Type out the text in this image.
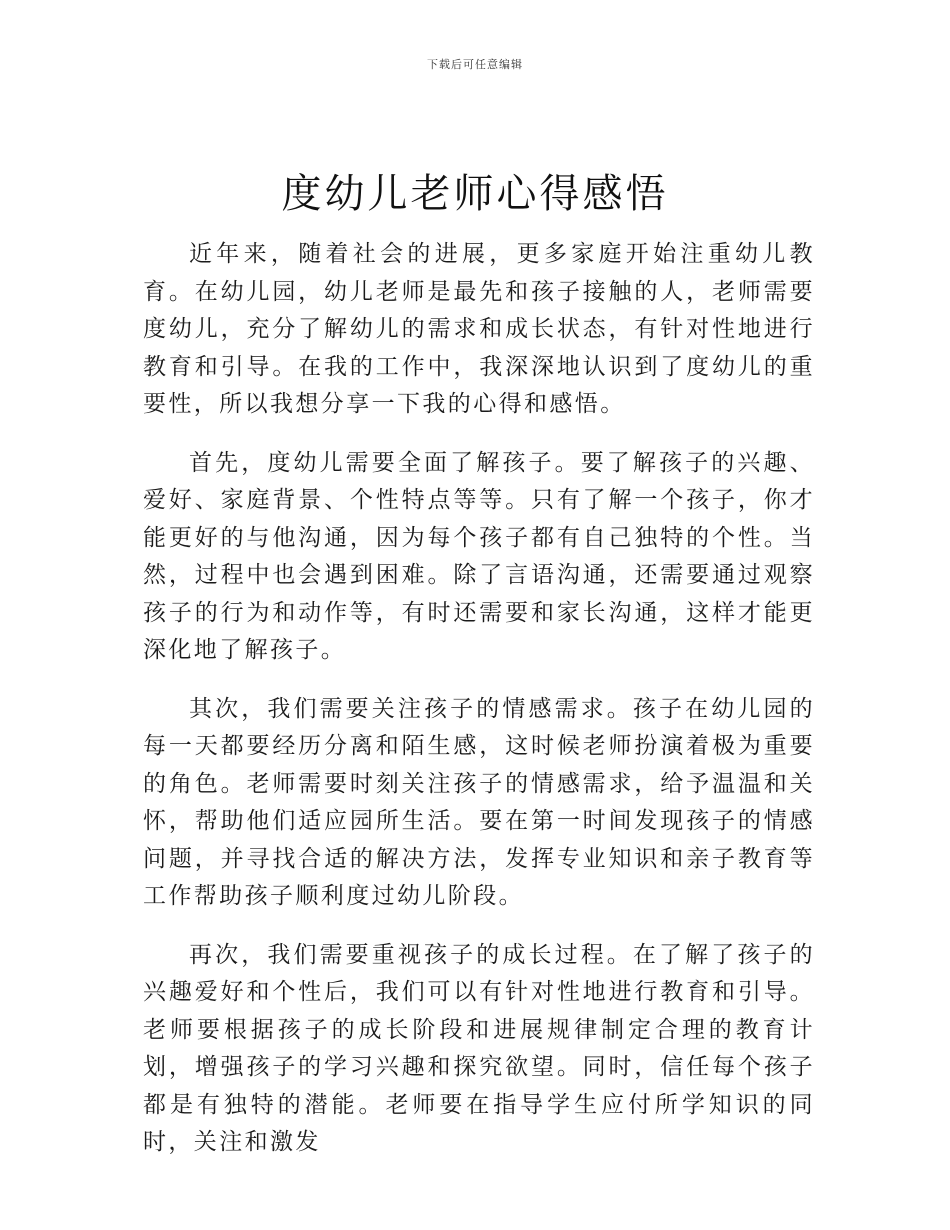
下载后可任意编辑
度幼儿老师心得感悟

近年来，随着社会的进展，更多家庭开始注重幼儿教育。在幼儿园，幼儿老师是最先和孩子接触的人，老师需要度幼儿，充分了解幼儿的需求和成长状态，有针对性地进行教育和引导。在我的工作中，我深深地认识到了度幼儿的重要性，所以我想分享一下我的心得和感悟。

首先，度幼儿需要全面了解孩子。要了解孩子的兴趣、爱好、家庭背景、个性特点等等。只有了解一个孩子，你才能更好的与他沟通，因为每个孩子都有自己独特的个性。当然，过程中也会遇到困难。除了言语沟通，还需要通过观察孩子的行为和动作等，有时还需要和家长沟通，这样才能更深化地了解孩子。

其次，我们需要关注孩子的情感需求。孩子在幼儿园的每一天都要经历分离和陌生感，这时候老师扮演着极为重要的角色。老师需要时刻关注孩子的情感需求，给予温温和关怀，帮助他们适应园所生活。要在第一时间发现孩子的情感问题，并寻找合适的解决方法，发挥专业知识和亲子教育等工作帮助孩子顺利度过幼儿阶段。

再次，我们需要重视孩子的成长过程。在了解了孩子的兴趣爱好和个性后，我们可以有针对性地进行教育和引导。老师要根据孩子的成长阶段和进展规律制定合理的教育计划，增强孩子的学习兴趣和探究欲望。同时，信任每个孩子都是有独特的潜能。老师要在指导学生应付所学知识的同时，关注和激发
